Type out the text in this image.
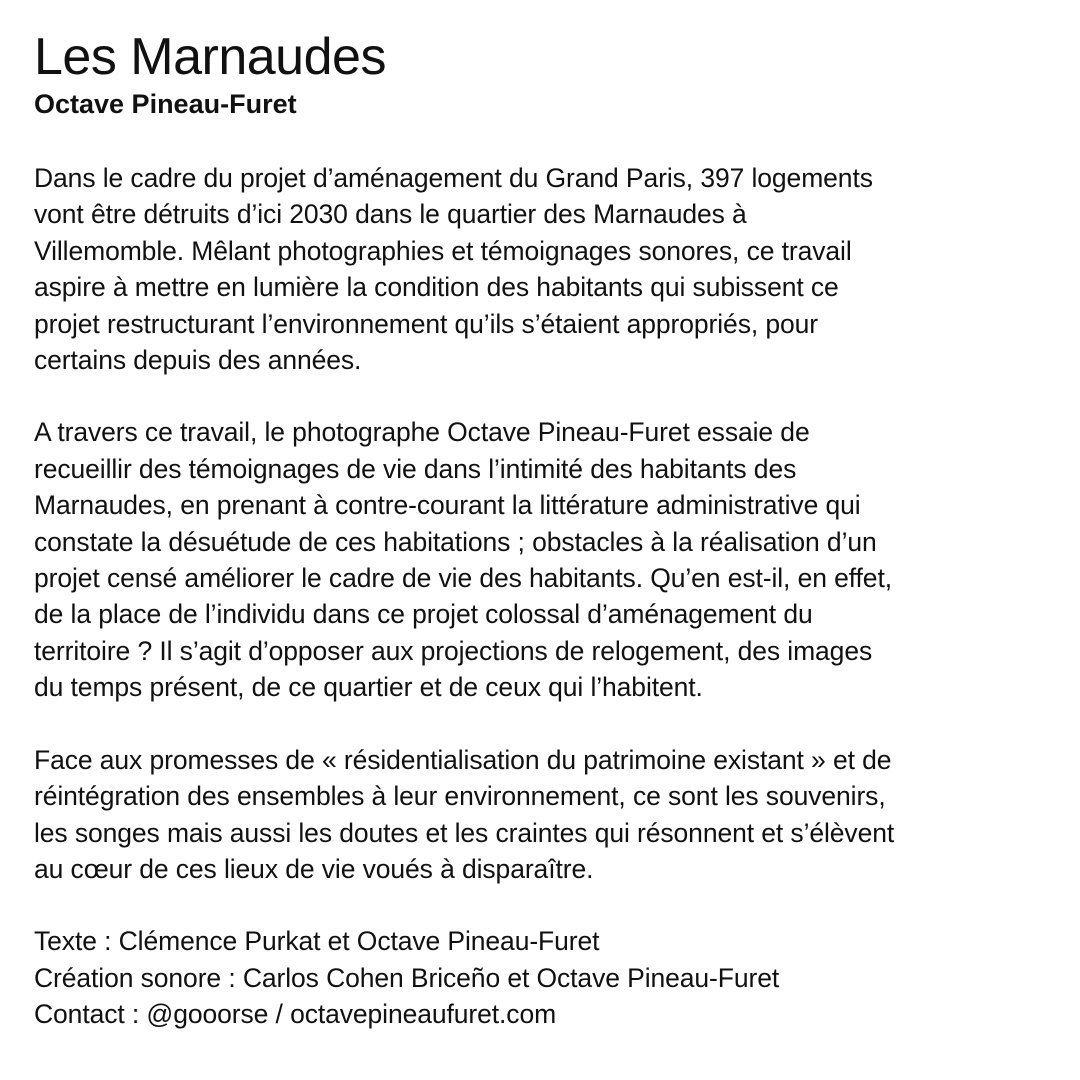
Les Marnaudes
Octave Pineau-Furet

Dans le cadre du projet d’aménagement du Grand Paris, 397 logements
vont être détruits d’ici 2030 dans le quartier des Marnaudes à
Villemomble. Mêlant photographies et témoignages sonores, ce travail
aspire à mettre en lumière la condition des habitants qui subissent ce
projet restructurant l’environnement qu’ils s’étaient appropriés, pour
certains depuis des années.

A travers ce travail, le photographe Octave Pineau-Furet essaie de
recueillir des témoignages de vie dans l’intimité des habitants des
Marnaudes, en prenant à contre-courant la littérature administrative qui
constate la désuétude de ces habitations ; obstacles à la réalisation d’un
projet censé améliorer le cadre de vie des habitants. Qu’en est-il, en effet,
de la place de l’individu dans ce projet colossal d’aménagement du
territoire ? Il s’agit d’opposer aux projections de relogement, des images
du temps présent, de ce quartier et de ceux qui l’habitent.

Face aux promesses de « résidentialisation du patrimoine existant » et de
réintégration des ensembles à leur environnement, ce sont les souvenirs,
les songes mais aussi les doutes et les craintes qui résonnent et s’élèvent
au cœur de ces lieux de vie voués à disparaître.

Texte : Clémence Purkat et Octave Pineau-Furet
Création sonore : Carlos Cohen Briceño et Octave Pineau-Furet
Contact : @gooorse / octavepineaufuret.com
